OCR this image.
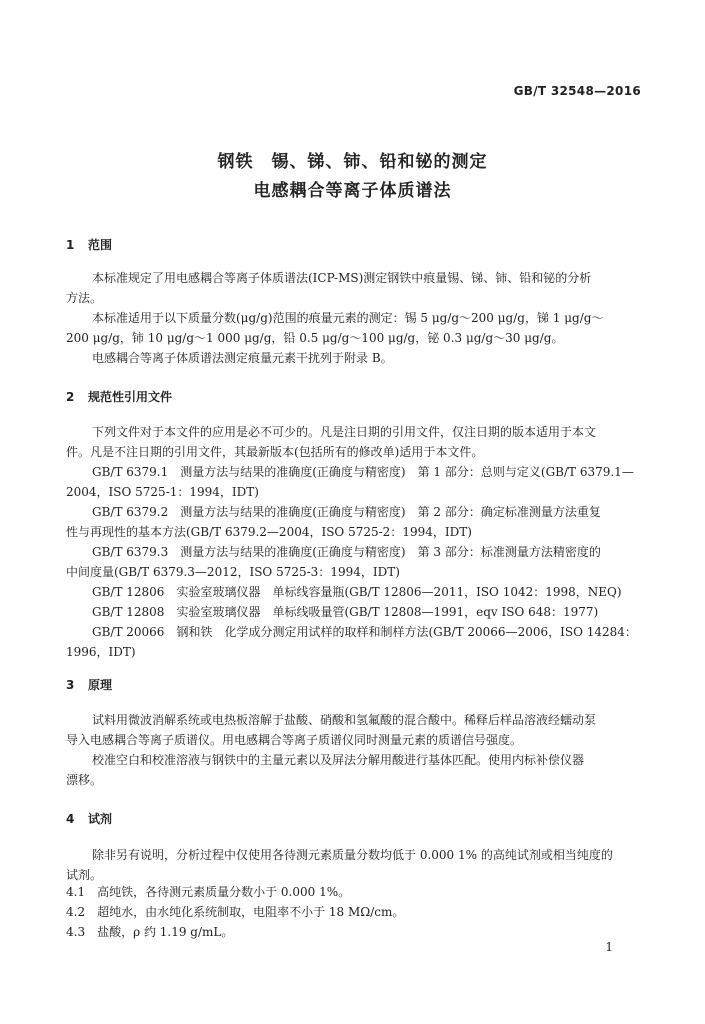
GB/T 32548—2016
钢铁　锡、锑、铈、铅和铋的测定
电感耦合等离子体质谱法
1 范围
本标准规定了用电感耦合等离子体质谱法(ICP-MS)测定钢铁中痕量锡、锑、铈、铅和铋的分析
方法。
本标准适用于以下质量分数(μg/g)范围的痕量元素的测定：锡 5 μg/g～200 μg/g，锑 1 μg/g～
200 μg/g，铈 10 μg/g～1 000 μg/g，铅 0.5 μg/g～100 μg/g，铋 0.3 μg/g～30 μg/g。
电感耦合等离子体质谱法测定痕量元素干扰列于附录 B。
2 规范性引用文件
下列文件对于本文件的应用是必不可少的。凡是注日期的引用文件，仅注日期的版本适用于本文
件。凡是不注日期的引用文件，其最新版本(包括所有的修改单)适用于本文件。
GB/T 6379.1　测量方法与结果的准确度(正确度与精密度)　第 1 部分：总则与定义(GB/T 6379.1—
2004，ISO 5725-1：1994，IDT)
GB/T 6379.2　测量方法与结果的准确度(正确度与精密度)　第 2 部分：确定标准测量方法重复
性与再现性的基本方法(GB/T 6379.2—2004，ISO 5725-2：1994，IDT)
GB/T 6379.3　测量方法与结果的准确度(正确度与精密度)　第 3 部分：标准测量方法精密度的
中间度量(GB/T 6379.3—2012，ISO 5725-3：1994，IDT)
GB/T 12806　实验室玻璃仪器　单标线容量瓶(GB/T 12806—2011，ISO 1042：1998，NEQ)
GB/T 12808　实验室玻璃仪器　单标线吸量管(GB/T 12808—1991，eqv ISO 648：1977)
GB/T 20066　钢和铁　化学成分测定用试样的取样和制样方法(GB/T 20066—2006，ISO 14284：
1996，IDT)
3 原理
试料用微波消解系统或电热板溶解于盐酸、硝酸和氢氟酸的混合酸中。稀释后样品溶液经蠕动泵
导入电感耦合等离子质谱仪。用电感耦合等离子质谱仪同时测量元素的质谱信号强度。
校准空白和校准溶液与钢铁中的主量元素以及屏法分解用酸进行基体匹配。使用内标补偿仪器
漂移。
4 试剂
除非另有说明，分析过程中仅使用各待测元素质量分数均低于 0.000 1% 的高纯试剂或相当纯度的
试剂。
4.1　高纯铁，各待测元素质量分数小于 0.000 1%。
4.2　超纯水，由水纯化系统制取，电阻率不小于 18 MΩ/cm。
4.3　盐酸，ρ 约 1.19 g/mL。
1
